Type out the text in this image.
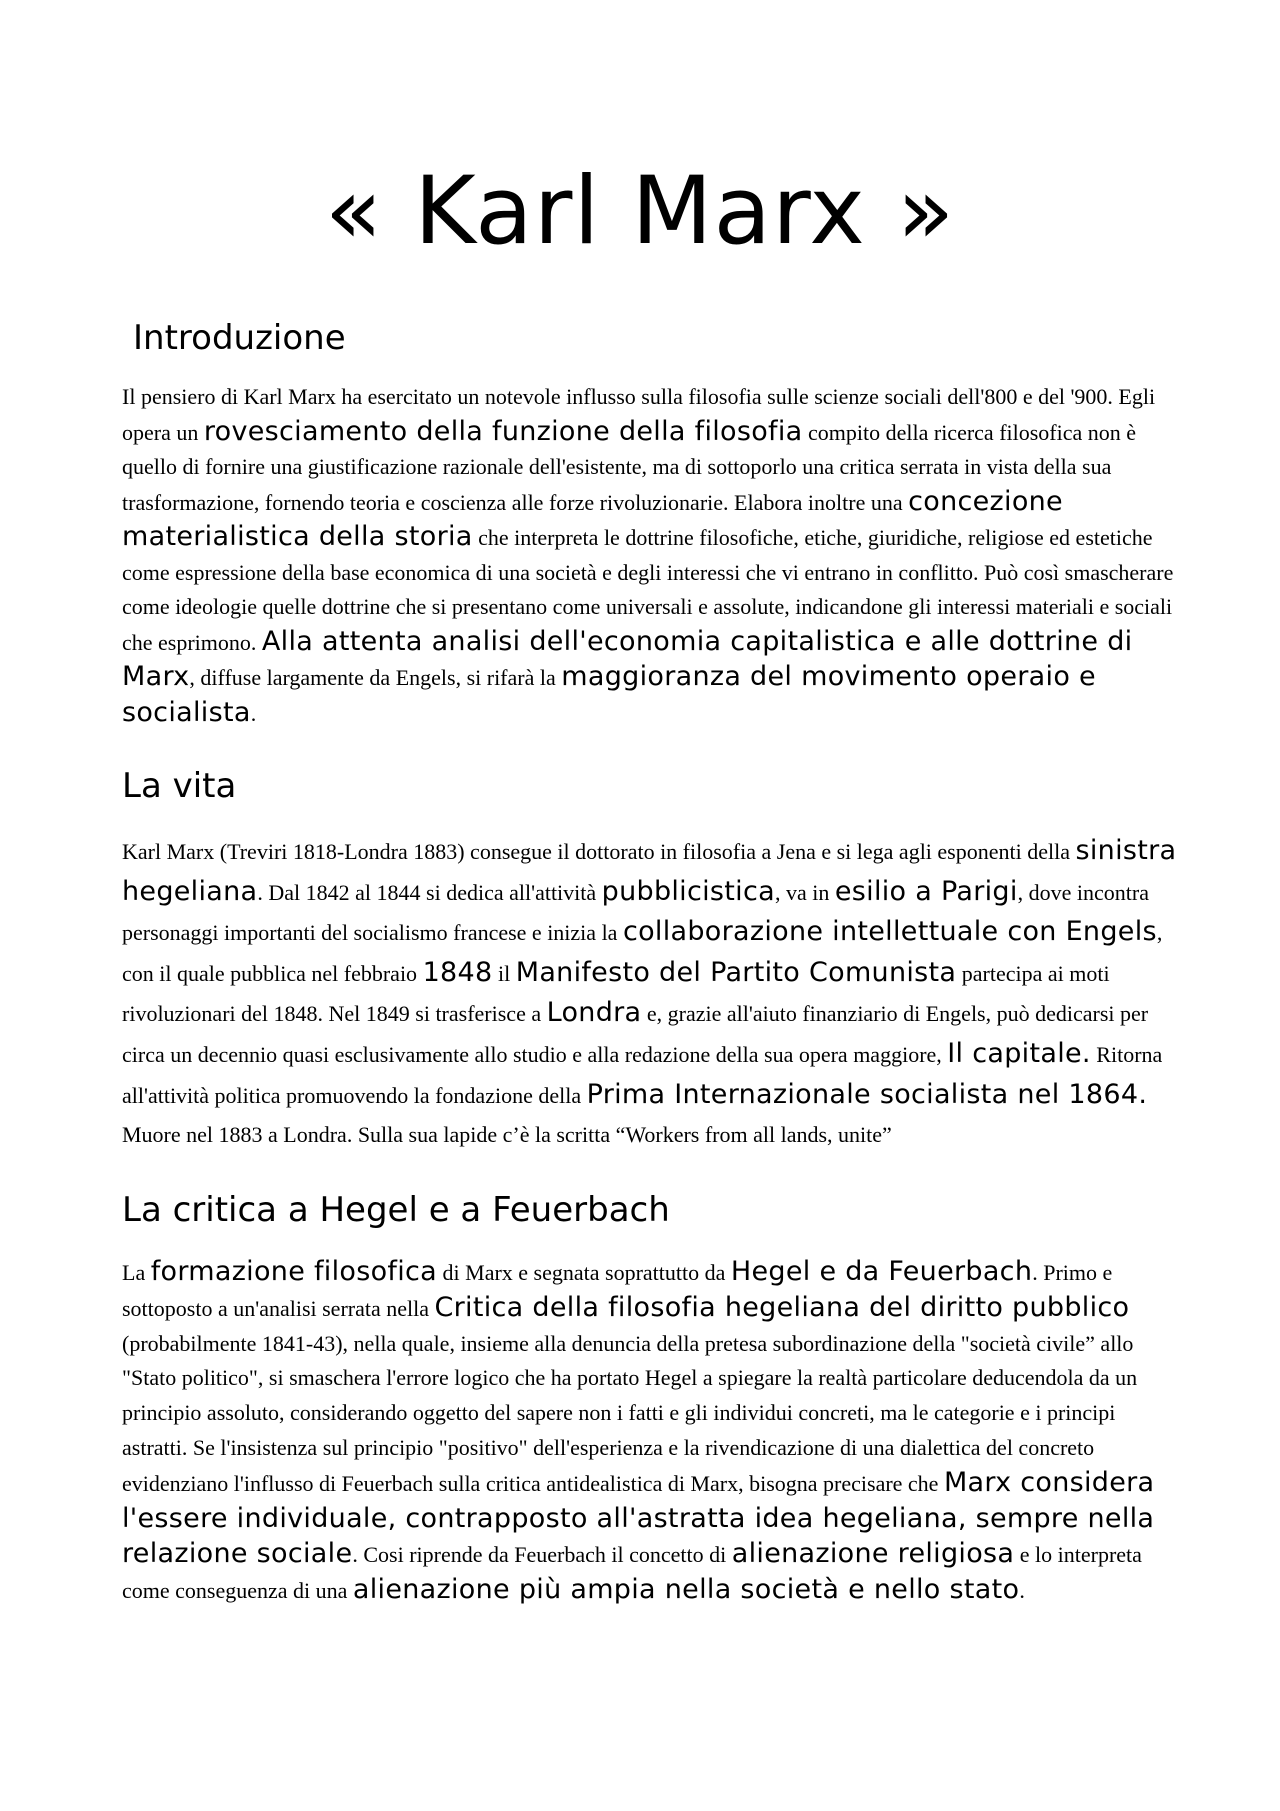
« Karl Marx »
Introduzione

Il pensiero di Karl Marx ha esercitato un notevole influsso sulla filosofia sulle scienze sociali dell'800 e del '900. Egli opera un rovesciamento della funzione della filosofia compito della ricerca filosofica non è quello di fornire una giustificazione razionale dell'esistente, ma di sottoporlo una critica serrata in vista della sua trasformazione, fornendo teoria e coscienza alle forze rivoluzionarie. Elabora inoltre una concezione materialistica della storia che interpreta le dottrine filosofiche, etiche, giuridiche, religiose ed estetiche come espressione della base economica di una società e degli interessi che vi entrano in conflitto. Può così smascherare come ideologie quelle dottrine che si presentano come universali e assolute, indicandone gli interessi materiali e sociali che esprimono. Alla attenta analisi dell'economia capitalistica e alle dottrine di Marx, diffuse largamente da Engels, si rifarà la maggioranza del movimento operaio e socialista.

La vita

Karl Marx (Treviri 1818-Londra 1883) consegue il dottorato in filosofia a Jena e si lega agli esponenti della sinistra hegeliana. Dal 1842 al 1844 si dedica all'attività pubblicistica, va in esilio a Parigi, dove incontra personaggi importanti del socialismo francese e inizia la collaborazione intellettuale con Engels, con il quale pubblica nel febbraio 1848 il Manifesto del Partito Comunista partecipa ai moti rivoluzionari del 1848. Nel 1849 si trasferisce a Londra e, grazie all'aiuto finanziario di Engels, può dedicarsi per circa un decennio quasi esclusivamente allo studio e alla redazione della sua opera maggiore, Il capitale. Ritorna all'attività politica promuovendo la fondazione della Prima Internazionale socialista nel 1864. Muore nel 1883 a Londra. Sulla sua lapide c’è la scritta “Workers from all lands, unite”

La critica a Hegel e a Feuerbach

La formazione filosofica di Marx e segnata soprattutto da Hegel e da Feuerbach. Primo e sottoposto a un'analisi serrata nella Critica della filosofia hegeliana del diritto pubblico (probabilmente 1841-43), nella quale, insieme alla denuncia della pretesa subordinazione della "società civile” allo "Stato politico", si smaschera l'errore logico che ha portato Hegel a spiegare la realtà particolare deducendola da un principio assoluto, considerando oggetto del sapere non i fatti e gli individui concreti, ma le categorie e i principi astratti. Se l'insistenza sul principio "positivo" dell'esperienza e la rivendicazione di una dialettica del concreto evidenziano l'influsso di Feuerbach sulla critica antidealistica di Marx, bisogna precisare che Marx considera l'essere individuale, contrapposto all'astratta idea hegeliana, sempre nella relazione sociale. Cosi riprende da Feuerbach il concetto di alienazione religiosa e lo interpreta come conseguenza di una alienazione più ampia nella società e nello stato.
